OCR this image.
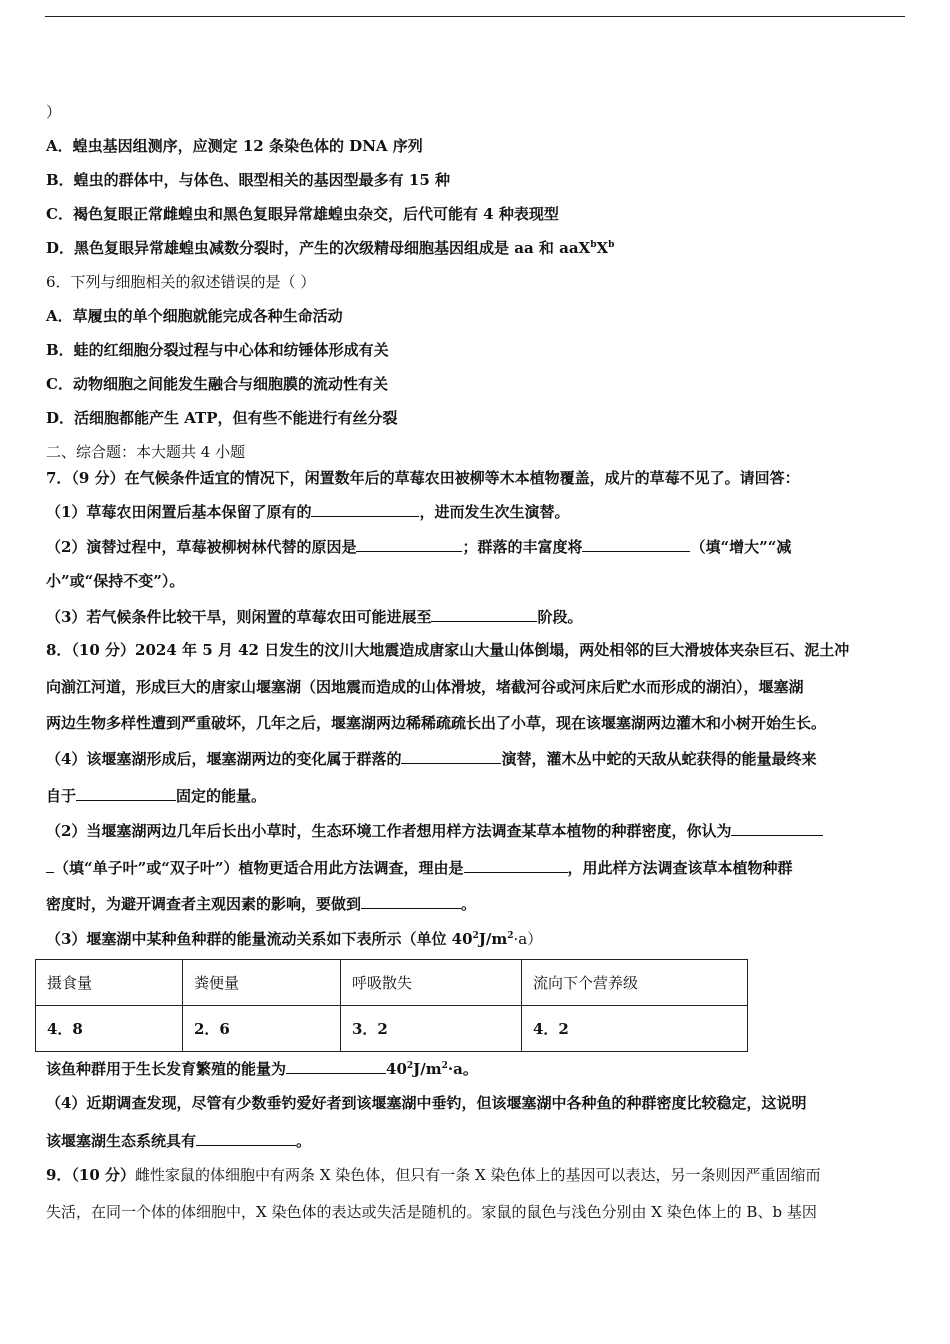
）
A．蝗虫基因组测序，应测定 12 条染色体的 DNA 序列
B．蝗虫的群体中，与体色、眼型相关的基因型最多有 15 种
C．褐色复眼正常雌蝗虫和黑色复眼异常雄蝗虫杂交，后代可能有 4 种表现型
D．黑色复眼异常雄蝗虫减数分裂时，产生的次级精母细胞基因组成是 aa 和 $aaX^bX^b$
6．下列与细胞相关的叙述错误的是（ ）
A．草履虫的单个细胞就能完成各种生命活动
B．蛙的红细胞分裂过程与中心体和纺锤体形成有关
C．动物细胞之间能发生融合与细胞膜的流动性有关
D．活细胞都能产生 ATP，但有些不能进行有丝分裂
二、综合题：本大题共 4 小题
7．（9 分）在气候条件适宜的情况下，闲置数年后的草莓农田被柳等木本植物覆盖，成片的草莓不见了。请回答：
（1）草莓农田闲置后基本保留了原有的	，进而发生次生演替。
（2）演替过程中，草莓被柳树林代替的原因是	；群落的丰富度将	（填“增大”“减
小”或“保持不变”）。
（3）若气候条件比较干旱，则闲置的草莓农田可能进展至	阶段。
8．（10 分）2024 年 5 月 42 日发生的汶川大地震造成唐家山大量山体倒塌，两处相邻的巨大滑坡体夹杂巨石、泥土冲
向湔江河道，形成巨大的唐家山堰塞湖（因地震而造成的山体滑坡，堵截河谷或河床后贮水而形成的湖泊），堰塞湖
两边生物多样性遭到严重破坏，几年之后，堰塞湖两边稀稀疏疏长出了小草，现在该堰塞湖两边灌木和小树开始生长。
（4）该堰塞湖形成后，堰塞湖两边的变化属于群落的	演替，灌木丛中蛇的天敌从蛇获得的能量最终来
自于	固定的能量。
（2）当堰塞湖两边几年后长出小草时，生态环境工作者想用样方法调查某草本植物的种群密度，你认为
（填“单子叶”或“双子叶”）植物更适合用此方法调查，理由是	，用此样方法调查该草本植物种群
密度时，为避开调查者主观因素的影响，要做到	。
（3）堰塞湖中某种鱼种群的能量流动关系如下表所示（单位 $40^2J/m^2\cdot a$）
摄食量	粪便量	呼吸散失	流向下个营养级
4．8	2．6	3．2	4．2
该鱼种群用于生长发育繁殖的能量为	$40^2J/m^2\cdot a$。
（4）近期调查发现，尽管有少数垂钓爱好者到该堰塞湖中垂钓，但该堰塞湖中各种鱼的种群密度比较稳定，这说明
该堰塞湖生态系统具有	。
9．（10 分）雌性家鼠的体细胞中有两条 X 染色体，但只有一条 X 染色体上的基因可以表达，另一条则因严重固缩而
失活，在同一个体的体细胞中，X 染色体的表达或失活是随机的。家鼠的鼠色与浅色分别由 X 染色体上的 B、b 基因
